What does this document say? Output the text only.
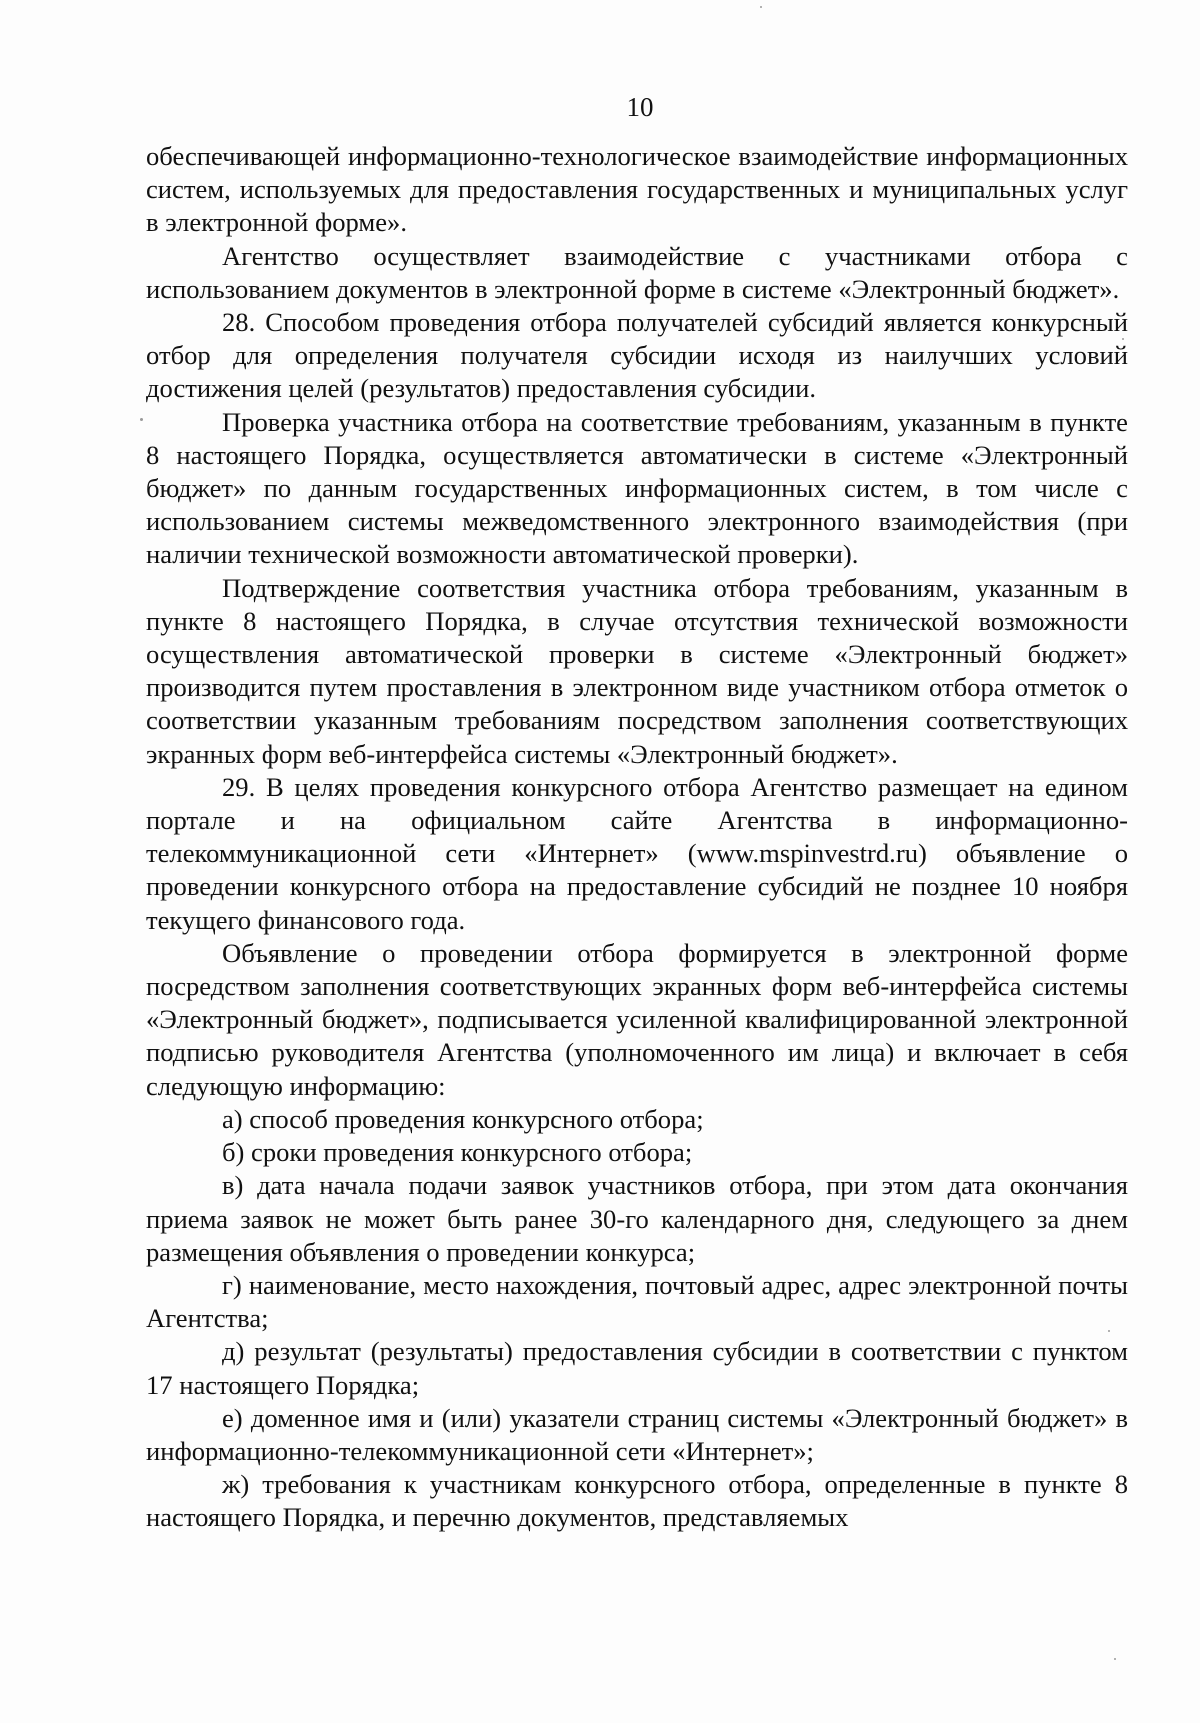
10

обеспечивающей информационно-технологическое взаимодействие информационных систем, используемых для предоставления государственных и муниципальных услуг в электронной форме».

Агентство осуществляет взаимодействие с участниками отбора с использованием документов в электронной форме в системе «Электронный бюджет».

28. Способом проведения отбора получателей субсидий является конкурсный отбор для определения получателя субсидии исходя из наилучших условий достижения целей (результатов) предоставления субсидии.

Проверка участника отбора на соответствие требованиям, указанным в пункте 8 настоящего Порядка, осуществляется автоматически в системе «Электронный бюджет» по данным государственных информационных систем, в том числе с использованием системы межведомственного электронного взаимодействия (при наличии технической возможности автоматической проверки).

Подтверждение соответствия участника отбора требованиям, указанным в пункте 8 настоящего Порядка, в случае отсутствия технической возможности осуществления автоматической проверки в системе «Электронный бюджет» производится путем проставления в электронном виде участником отбора отметок о соответствии указанным требованиям посредством заполнения соответствующих экранных форм веб-интерфейса системы «Электронный бюджет».

29. В целях проведения конкурсного отбора Агентство размещает на едином портале и на официальном сайте Агентства в информационно-телекоммуникационной сети «Интернет» (www.mspinvestrd.ru) объявление о проведении конкурсного отбора на предоставление субсидий не позднее 10 ноября текущего финансового года.

Объявление о проведении отбора формируется в электронной форме посредством заполнения соответствующих экранных форм веб-интерфейса системы «Электронный бюджет», подписывается усиленной квалифицированной электронной подписью руководителя Агентства (уполномоченного им лица) и включает в себя следующую информацию:

а) способ проведения конкурсного отбора;

б) сроки проведения конкурсного отбора;

в) дата начала подачи заявок участников отбора, при этом дата окончания приема заявок не может быть ранее 30-го календарного дня, следующего за днем размещения объявления о проведении конкурса;

г) наименование, место нахождения, почтовый адрес, адрес электронной почты Агентства;

д) результат (результаты) предоставления субсидии в соответствии с пунктом 17 настоящего Порядка;

е) доменное имя и (или) указатели страниц системы «Электронный бюджет» в информационно-телекоммуникационной сети «Интернет»;

ж) требования к участникам конкурсного отбора, определенные в пункте 8 настоящего Порядка, и перечню документов, представляемых
